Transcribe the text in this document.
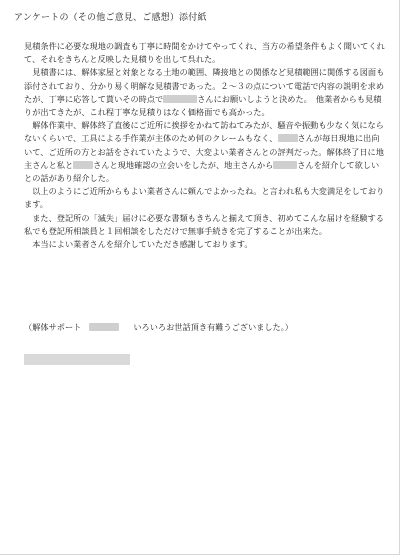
アンケートの（その他ご意見、ご感想）添付紙

見積条件に必要な現地の調査も丁寧に時間をかけてやってくれ、当方の希望条件もよく聞いてくれて、それをきちんと反映した見積りを出して呉れた。

　見積書には、解体家屋と対象となる土地の範囲、隣接地との関係など見積範囲に関係する図面も添付されており、分かり易く明解な見積書であった。２～３の点について電話で内容の説明を求めたが、丁寧に応答して貰いその時点で	さんにお願いしようと決めた。　他業者からも見積りが出てきたが、これ程丁寧な見積りはなく価格面でも高かった。

　解体作業中、解体終了直後にご近所に挨拶をかねて訪ねてみたが、騒音や振動も少なく気にならないくらいで、工具による手作業が主体のため何のクレームもなく、 さんが毎日現地に出向いて、ご近所の方とお話をされていたようで、大変よい業者さんとの評判だった。解体終了日に地主さんと私と さんと現地確認の立会いをしたが、地主さんから	さんを紹介して欲しいとの話があり紹介した。

　以上のようにご近所からもよい業者さんに頼んでよかったね。と言われ私も大変満足をしております。

　また、登記所の「滅失」届けに必要な書類もきちんと揃えて頂き、初めてこんな届けを経験する私でも登記所相談員と１回相談をしただけで無事手続きを完了することが出来た。

　本当によい業者さんを紹介していただき感謝しております。

（解体サポート	いろいろお世話頂き有難うございました。）
